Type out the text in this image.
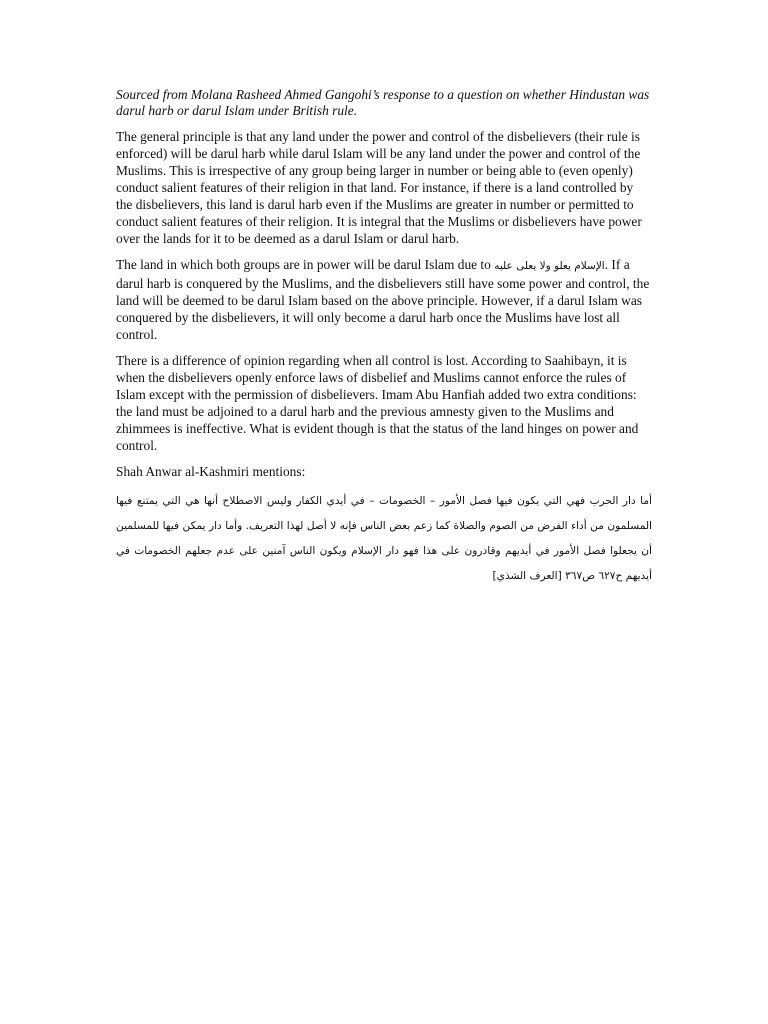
Sourced from Molana Rasheed Ahmed Gangohi’s response to a question on whether Hindustan was darul harb or darul Islam under British rule.

The general principle is that any land under the power and control of the disbelievers (their rule is enforced) will be darul harb while darul Islam will be any land under the power and control of the Muslims. This is irrespective of any group being larger in number or being able to (even openly) conduct salient features of their religion in that land. For instance, if there is a land controlled by the disbelievers, this land is darul harb even if the Muslims are greater in number or permitted to conduct salient features of their religion. It is integral that the Muslims or disbelievers have power over the lands for it to be deemed as a darul Islam or darul harb.

The land in which both groups are in power will be darul Islam due to الإسلام يعلو ولا يعلى عليه. If a darul harb is conquered by the Muslims, and the disbelievers still have some power and control, the land will be deemed to be darul Islam based on the above principle. However, if a darul Islam was conquered by the disbelievers, it will only become a darul harb once the Muslims have lost all control.

There is a difference of opinion regarding when all control is lost. According to Saahibayn, it is when the disbelievers openly enforce laws of disbelief and Muslims cannot enforce the rules of Islam except with the permission of disbelievers. Imam Abu Hanfiah added two extra conditions: the land must be adjoined to a darul harb and the previous amnesty given to the Muslims and zhimmees is ineffective. What is evident though is that the status of the land hinges on power and control.

Shah Anwar al-Kashmiri mentions:

أما دار الحرب فهي التي يكون فيها فصل الأمور – الخصومات – في أيدي الكفار وليس الاصطلاح أنها هي التي يمتنع فيها المسلمون من أداء الفرض من الصوم والصلاة كما زعم بعض الناس فإنه لا أصل لهذا التعريف. وأما دار يمكن فيها للمسلمين أن يجعلوا فصل الأمور في أيديهم وقادرون على هذا فهو دار الإسلام ويكون الناس آمنين على عدم جعلهم الخصومات في أيديهم ح٦٢٧ ص٣٦٧ [العرف الشذي]
